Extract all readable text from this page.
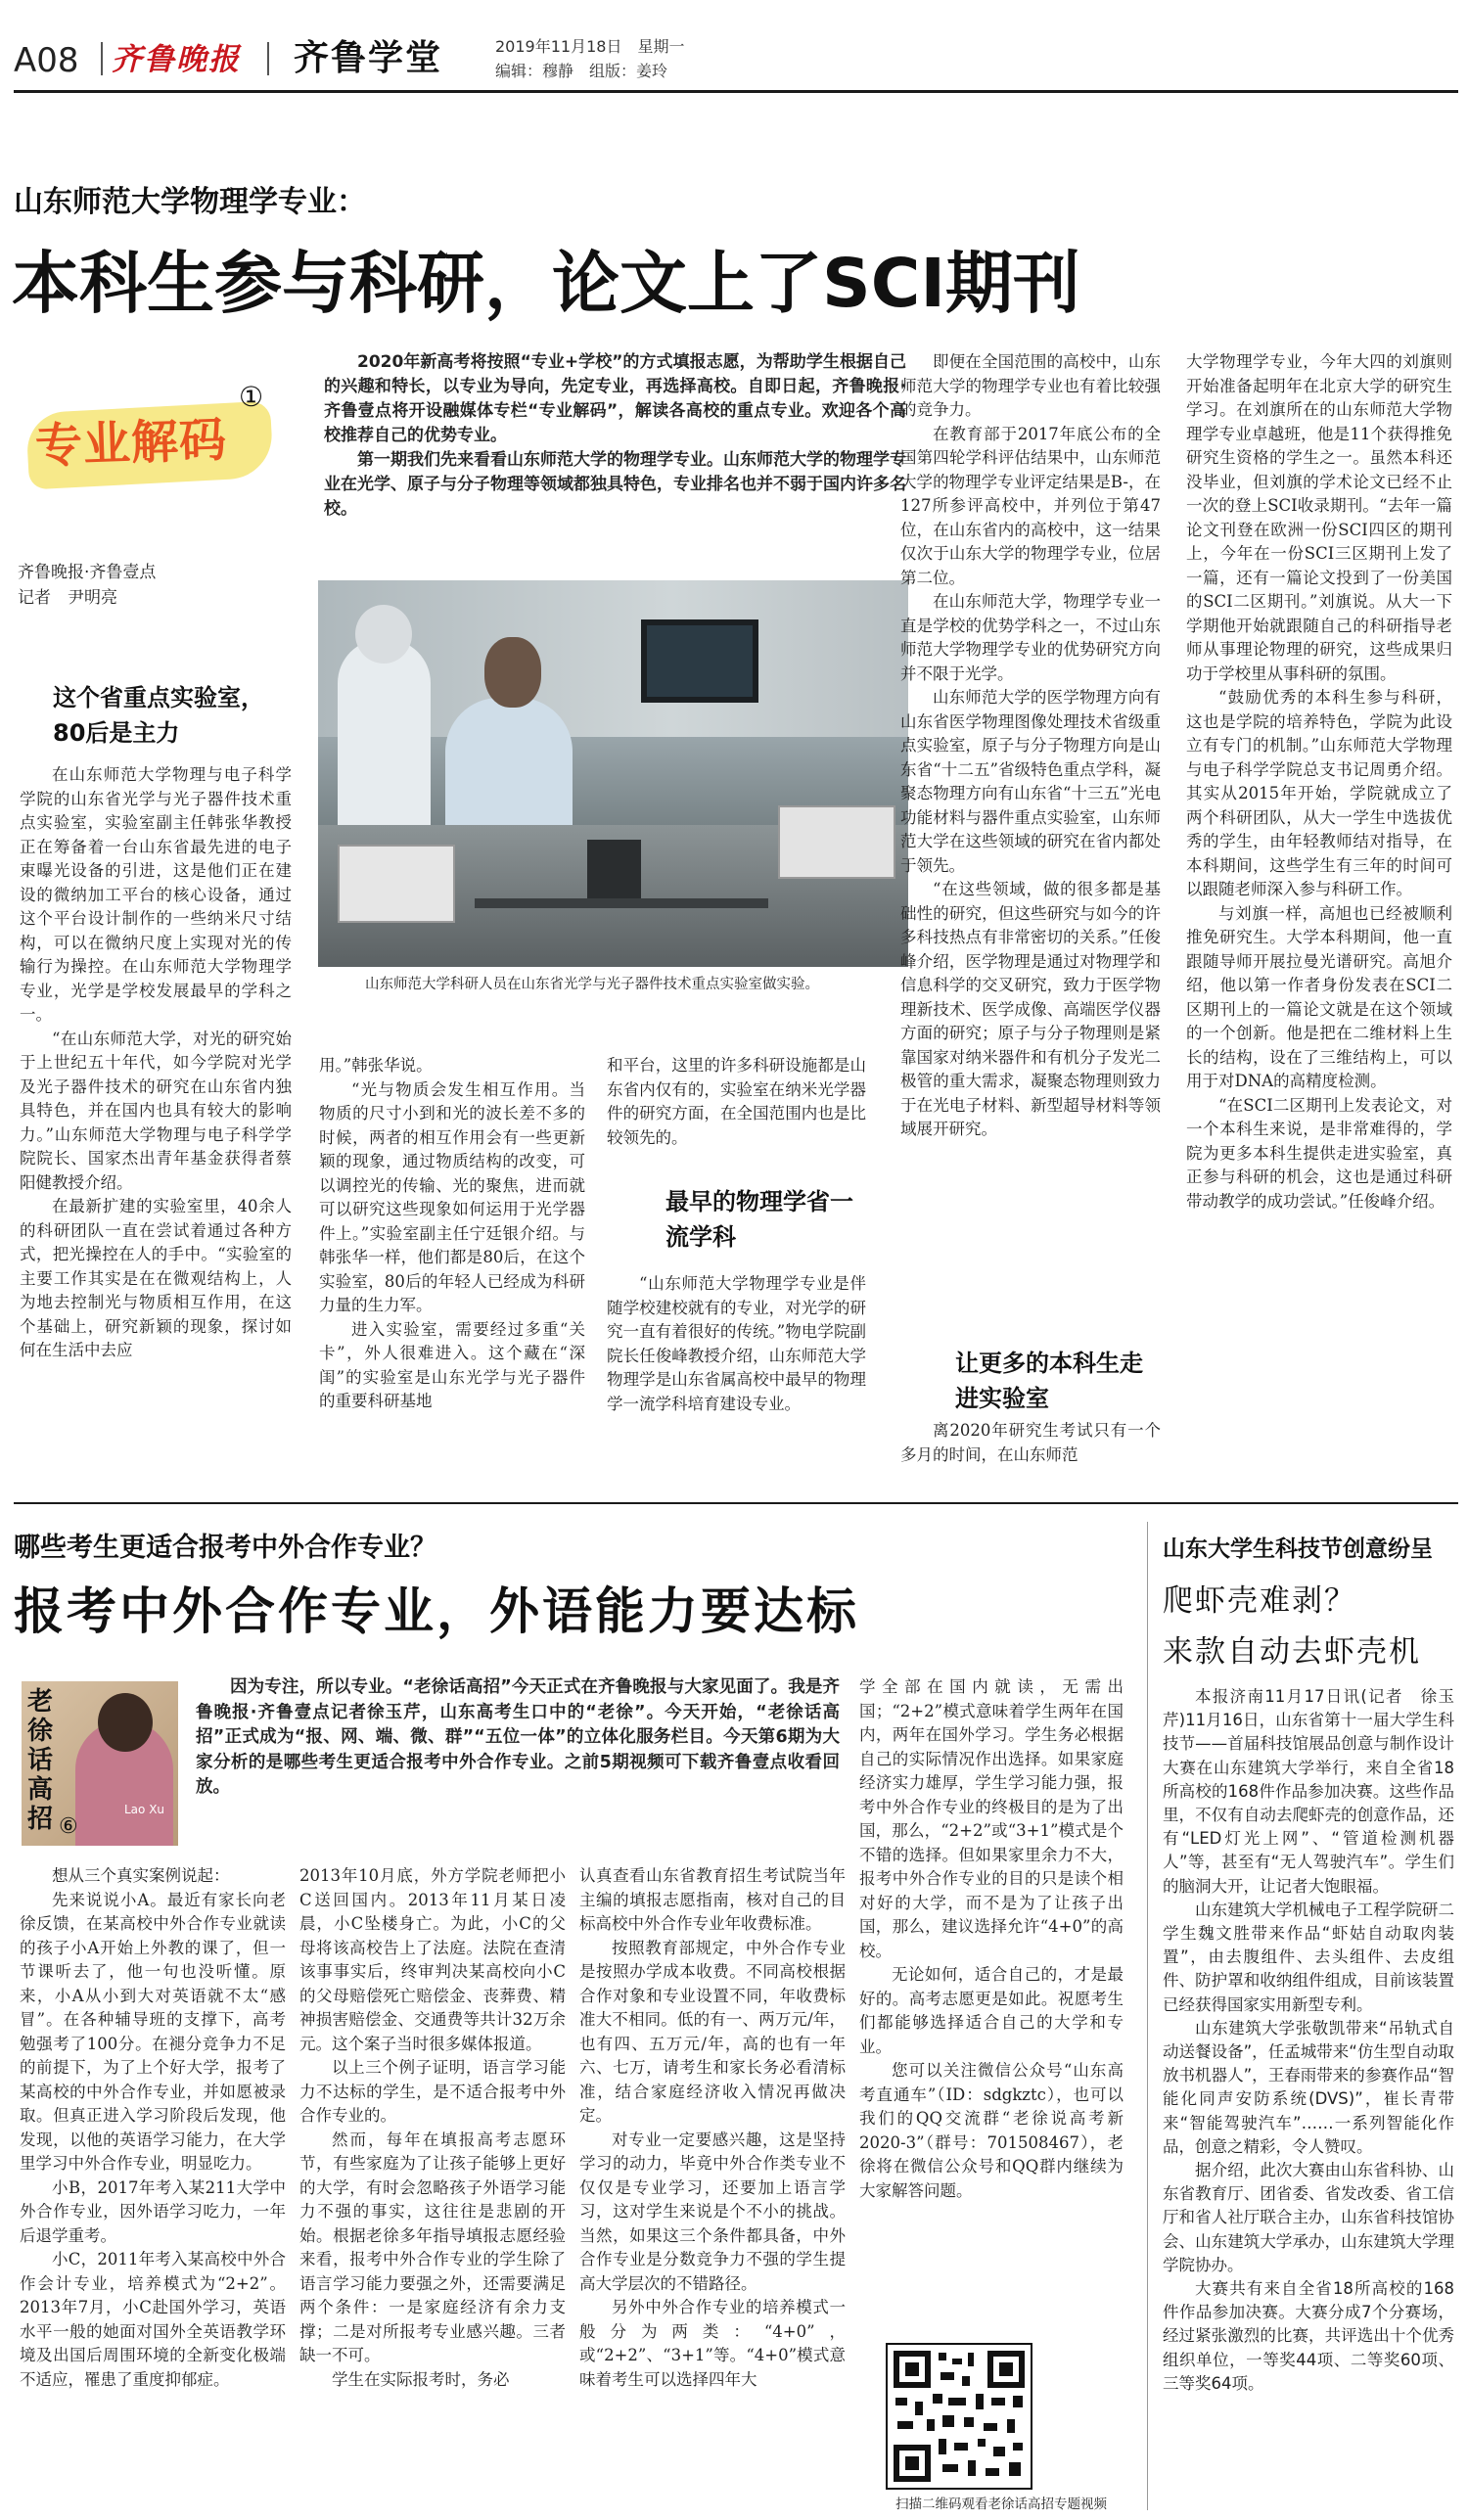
A08 齐鲁晚报 齐鲁学堂	2019年11月18日　星期一
编辑：穆静　组版：姜玲
山东师范大学物理学专业：
本科生参与科研，论文上了SCI期刊
专业解码
①
齐鲁晚报·齐鲁壹点
记者　尹明亮

2020年新高考将按照“专业+学校”的方式填报志愿，为帮助学生根据自己的兴趣和特长，以专业为导向，先定专业，再选择高校。自即日起，齐鲁晚报·齐鲁壹点将开设融媒体专栏“专业解码”，解读各高校的重点专业。欢迎各个高校推荐自己的优势专业。

第一期我们先来看看山东师范大学的物理学专业。山东师范大学的物理学专业在光学、原子与分子物理等领域都独具特色，专业排名也并不弱于国内许多名校。

山东师范大学科研人员在山东省光学与光子器件技术重点实验室做实验。
这个省重点实验室，80后是主力

在山东师范大学物理与电子科学学院的山东省光学与光子器件技术重点实验室，实验室副主任韩张华教授正在筹备着一台山东省最先进的电子束曝光设备的引进，这是他们正在建设的微纳加工平台的核心设备，通过这个平台设计制作的一些纳米尺寸结构，可以在微纳尺度上实现对光的传输行为操控。在山东师范大学物理学专业，光学是学校发展最早的学科之一。

“在山东师范大学，对光的研究始于上世纪五十年代，如今学院对光学及光子器件技术的研究在山东省内独具特色，并在国内也具有较大的影响力。”山东师范大学物理与电子科学学院院长、国家杰出青年基金获得者蔡阳健教授介绍。

在最新扩建的实验室里，40余人的科研团队一直在尝试着通过各种方式，把光操控在人的手中。“实验室的主要工作其实是在在微观结构上，人为地去控制光与物质相互作用，在这个基础上，研究新颖的现象，探讨如何在生活中去应

用。”韩张华说。

“光与物质会发生相互作用。当物质的尺寸小到和光的波长差不多的时候，两者的相互作用会有一些更新颖的现象，通过物质结构的改变，可以调控光的传输、光的聚焦，进而就可以研究这些现象如何运用于光学器件上。”实验室副主任宁廷银介绍。与韩张华一样，他们都是80后，在这个实验室，80后的年轻人已经成为科研力量的生力军。

进入实验室，需要经过多重“关卡”，外人很难进入。这个藏在“深闺”的实验室是山东光学与光子器件的重要科研基地

和平台，这里的许多科研设施都是山东省内仅有的，实验室在纳米光学器件的研究方面，在全国范围内也是比较领先的。

最早的物理学省一流学科

“山东师范大学物理学专业是伴随学校建校就有的专业，对光学的研究一直有着很好的传统。”物电学院副院长任俊峰教授介绍，山东师范大学物理学是山东省属高校中最早的物理学一流学科培育建设专业。

即便在全国范围的高校中，山东师范大学的物理学专业也有着比较强的竞争力。

在教育部于2017年底公布的全国第四轮学科评估结果中，山东师范大学的物理学专业评定结果是B-，在127所参评高校中，并列位于第47位，在山东省内的高校中，这一结果仅次于山东大学的物理学专业，位居第二位。

在山东师范大学，物理学专业一直是学校的优势学科之一，不过山东师范大学物理学专业的优势研究方向并不限于光学。

山东师范大学的医学物理方向有山东省医学物理图像处理技术省级重点实验室，原子与分子物理方向是山东省“十二五”省级特色重点学科，凝聚态物理方向有山东省“十三五”光电功能材料与器件重点实验室，山东师范大学在这些领域的研究在省内都处于领先。

“在这些领域，做的很多都是基础性的研究，但这些研究与如今的许多科技热点有非常密切的关系。”任俊峰介绍，医学物理是通过对物理学和信息科学的交叉研究，致力于医学物理新技术、医学成像、高端医学仪器方面的研究；原子与分子物理则是紧靠国家对纳米器件和有机分子发光二极管的重大需求，凝聚态物理则致力于在光电子材料、新型超导材料等领域展开研究。

让更多的本科生走进实验室

离2020年研究生考试只有一个多月的时间，在山东师范

大学物理学专业，今年大四的刘旗则开始准备起明年在北京大学的研究生学习。在刘旗所在的山东师范大学物理学专业卓越班，他是11个获得推免研究生资格的学生之一。虽然本科还没毕业，但刘旗的学术论文已经不止一次的登上SCI收录期刊。“去年一篇论文刊登在欧洲一份SCI四区的期刊上，今年在一份SCI三区期刊上发了一篇，还有一篇论文投到了一份美国的SCI二区期刊。”刘旗说。从大一下学期他开始就跟随自己的科研指导老师从事理论物理的研究，这些成果归功于学校里从事科研的氛围。

“鼓励优秀的本科生参与科研，这也是学院的培养特色，学院为此设立有专门的机制。”山东师范大学物理与电子科学学院总支书记周勇介绍。其实从2015年开始，学院就成立了两个科研团队，从大一学生中选拔优秀的学生，由年轻教师结对指导，在本科期间，这些学生有三年的时间可以跟随老师深入参与科研工作。

与刘旗一样，高旭也已经被顺利推免研究生。大学本科期间，他一直跟随导师开展拉曼光谱研究。高旭介绍，他以第一作者身份发表在SCI二区期刊上的一篇论文就是在这个领域的一个创新。他是把在二维材料上生长的结构，设在了三维结构上，可以用于对DNA的高精度检测。

“在SCI二区期刊上发表论文，对一个本科生来说，是非常难得的，学院为更多本科生提供走进实验室，真正参与科研的机会，这也是通过科研带动教学的成功尝试。”任俊峰介绍。

哪些考生更适合报考中外合作专业？
报考中外合作专业，外语能力要达标
老徐话高招 ⑥
Lao Xu

因为专注，所以专业。“老徐话高招”今天正式在齐鲁晚报与大家见面了。我是齐鲁晚报·齐鲁壹点记者徐玉芹，山东高考生口中的“老徐”。今天开始，“老徐话高招”正式成为“报、网、端、微、群”“五位一体”的立体化服务栏目。今天第6期为大家分析的是哪些考生更适合报考中外合作专业。之前5期视频可下载齐鲁壹点收看回放。

想从三个真实案例说起：

先来说说小A。最近有家长向老徐反馈，在某高校中外合作专业就读的孩子小A开始上外教的课了，但一节课听去了，他一句也没听懂。原来，小A从小到大对英语就不太“感冒”。在各种辅导班的支撑下，高考勉强考了100分。在褪分竞争力不足的前提下，为了上个好大学，报考了某高校的中外合作专业，并如愿被录取。但真正进入学习阶段后发现，他发现，以他的英语学习能力，在大学里学习中外合作专业，明显吃力。

小B，2017年考入某211大学中外合作专业，因外语学习吃力，一年后退学重考。

小C，2011年考入某高校中外合作会计专业，培养模式为“2+2”。2013年7月，小C赴国外学习，英语水平一般的她面对国外全英语教学环境及出国后周围环境的全新变化极端不适应，罹患了重度抑郁症。

2013年10月底，外方学院老师把小C送回国内。2013年11月某日凌晨，小C坠楼身亡。为此，小C的父母将该高校告上了法庭。法院在查清该事事实后，终审判决某高校向小C的父母赔偿死亡赔偿金、丧葬费、精神损害赔偿金、交通费等共计32万余元。这个案子当时很多媒体报道。

以上三个例子证明，语言学习能力不达标的学生，是不适合报考中外合作专业的。

然而，每年在填报高考志愿环节，有些家庭为了让孩子能够上更好的大学，有时会忽略孩子外语学习能力不强的事实，这往往是悲剧的开始。根据老徐多年指导填报志愿经验来看，报考中外合作专业的学生除了语言学习能力要强之外，还需要满足两个条件：一是家庭经济有余力支撑；二是对所报考专业感兴趣。三者缺一不可。

学生在实际报考时，务必

认真查看山东省教育招生考试院当年主编的填报志愿指南，核对自己的目标高校中外合作专业年收费标准。

按照教育部规定，中外合作专业是按照办学成本收费。不同高校根据合作对象和专业设置不同，年收费标准大不相同。低的有一、两万元/年，也有四、五万元/年，高的也有一年六、七万，请考生和家长务必看清标准，结合家庭经济收入情况再做决定。

对专业一定要感兴趣，这是坚持学习的动力，毕竟中外合作类专业不仅仅是专业学习，还要加上语言学习，这对学生来说是个不小的挑战。当然，如果这三个条件都具备，中外合作专业是分数竞争力不强的学生提高大学层次的不错路径。

另外中外合作专业的培养模式一般分为两类：“4+0”，或“2+2”、“3+1”等。“4+0”模式意味着考生可以选择四年大

学全部在国内就读，无需出国；“2+2”模式意味着学生两年在国内，两年在国外学习。学生务必根据自己的实际情况作出选择。如果家庭经济实力雄厚，学生学习能力强，报考中外合作专业的终极目的是为了出国，那么，“2+2”或“3+1”模式是个不错的选择。但如果家里余力不大，报考中外合作专业的目的只是读个相对好的大学，而不是为了让孩子出国，那么，建议选择允许“4+0”的高校。

无论如何，适合自己的，才是最好的。高考志愿更是如此。祝愿考生们都能够选择适合自己的大学和专业。

您可以关注微信公众号“山东高考直通车”（ID：sdgkztc），也可以我们的QQ交流群“老徐说高考新2020-3”（群号：701508467），老徐将在微信公众号和QQ群内继续为大家解答问题。

扫描二维码观看老徐话高招专题视频
山东大学生科技节创意纷呈
爬虾壳难剥？
来款自动去虾壳机

本报济南11月17日讯(记者　徐玉芹)11月16日，山东省第十一届大学生科技节——首届科技馆展品创意与制作设计大赛在山东建筑大学举行，来自全省18所高校的168件作品参加决赛。这些作品里，不仅有自动去爬虾壳的创意作品，还有“LED灯光上网”、“管道检测机器人”等，甚至有“无人驾驶汽车”。学生们的脑洞大开，让记者大饱眼福。

山东建筑大学机械电子工程学院研二学生魏文胜带来作品“虾姑自动取肉装置”，由去腹组件、去头组件、去皮组件、防护罩和收纳组件组成，目前该装置已经获得国家实用新型专利。

山东建筑大学张敬凯带来“吊轨式自动送餐设备”，任孟城带来“仿生型自动取放书机器人”，王春雨带来的参赛作品“智能化同声安防系统(DVS)”，崔长青带来“智能驾驶汽车”……一系列智能化作品，创意之精彩，令人赞叹。

据介绍，此次大赛由山东省科协、山东省教育厅、团省委、省发改委、省工信厅和省人社厅联合主办，山东省科技馆协会、山东建筑大学承办，山东建筑大学理学院协办。

大赛共有来自全省18所高校的168件作品参加决赛。大赛分成7个分赛场，经过紧张激烈的比赛，共评选出十个优秀组织单位，一等奖44项、二等奖60项、三等奖64项。
